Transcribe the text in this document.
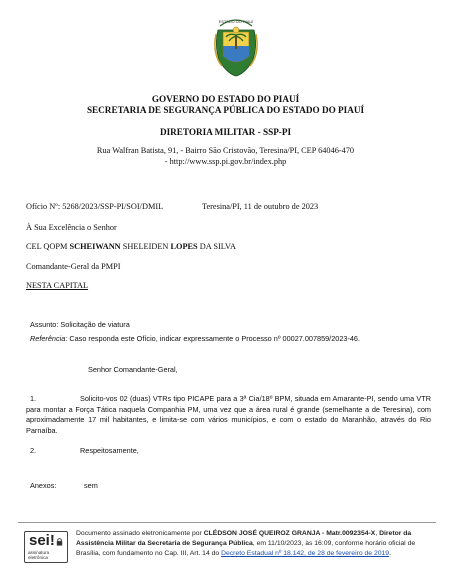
ESTADO DO PIAUÍ
GOVERNO DO ESTADO DO PIAUÍ
SECRETARIA DE SEGURANÇA PÚBLICA DO ESTADO DO PIAUÍ
DIRETORIA MILITAR - SSP-PI
Rua Walfran Batista, 91, - Bairro São Cristovão, Teresina/PI, CEP 64046-470
- http://www.ssp.pi.gov.br/index.php
Ofício Nº: 5268/2023/SSP-PI/SOI/DMIL	Teresina/PI, 11 de outubro de 2023
À Sua Excelência o Senhor
CEL QOPM SCHEIWANN SHELEIDEN LOPES DA SILVA
Comandante-Geral da PMPI
NESTA CAPITAL
Assunto: Solicitação de viatura
Referência: Caso responda este Ofício, indicar expressamente o Processo nº 00027.007859/2023-46.
Senhor Comandante-Geral,
1.	Solicito-vos 02 (duas) VTRs tipo PICAPE para a 3ª Cia/18º BPM, situada em Amarante-PI, sendo uma VTR para montar a Força Tática naquela Companhia PM, uma vez que a área rural é grande (semelhante a de Teresina), com aproximadamente 17 mil habitantes, e limita-se com vários municípios, e com o estado do Maranhão, através do Rio Parnaíba.
2.	Respeitosamente,
Anexos:	sem
sei!
assinatura
eletrônica
Documento assinado eletronicamente por CLÉDSON JOSÉ QUEIROZ GRANJA - Matr.0092354-X, Diretor da Assistência Militar da Secretaria de Segurança Pública, em 11/10/2023, às 16:09, conforme horário oficial de Brasília, com fundamento no Cap. III, Art. 14 do Decreto Estadual nº 18.142, de 28 de fevereiro de 2019.
